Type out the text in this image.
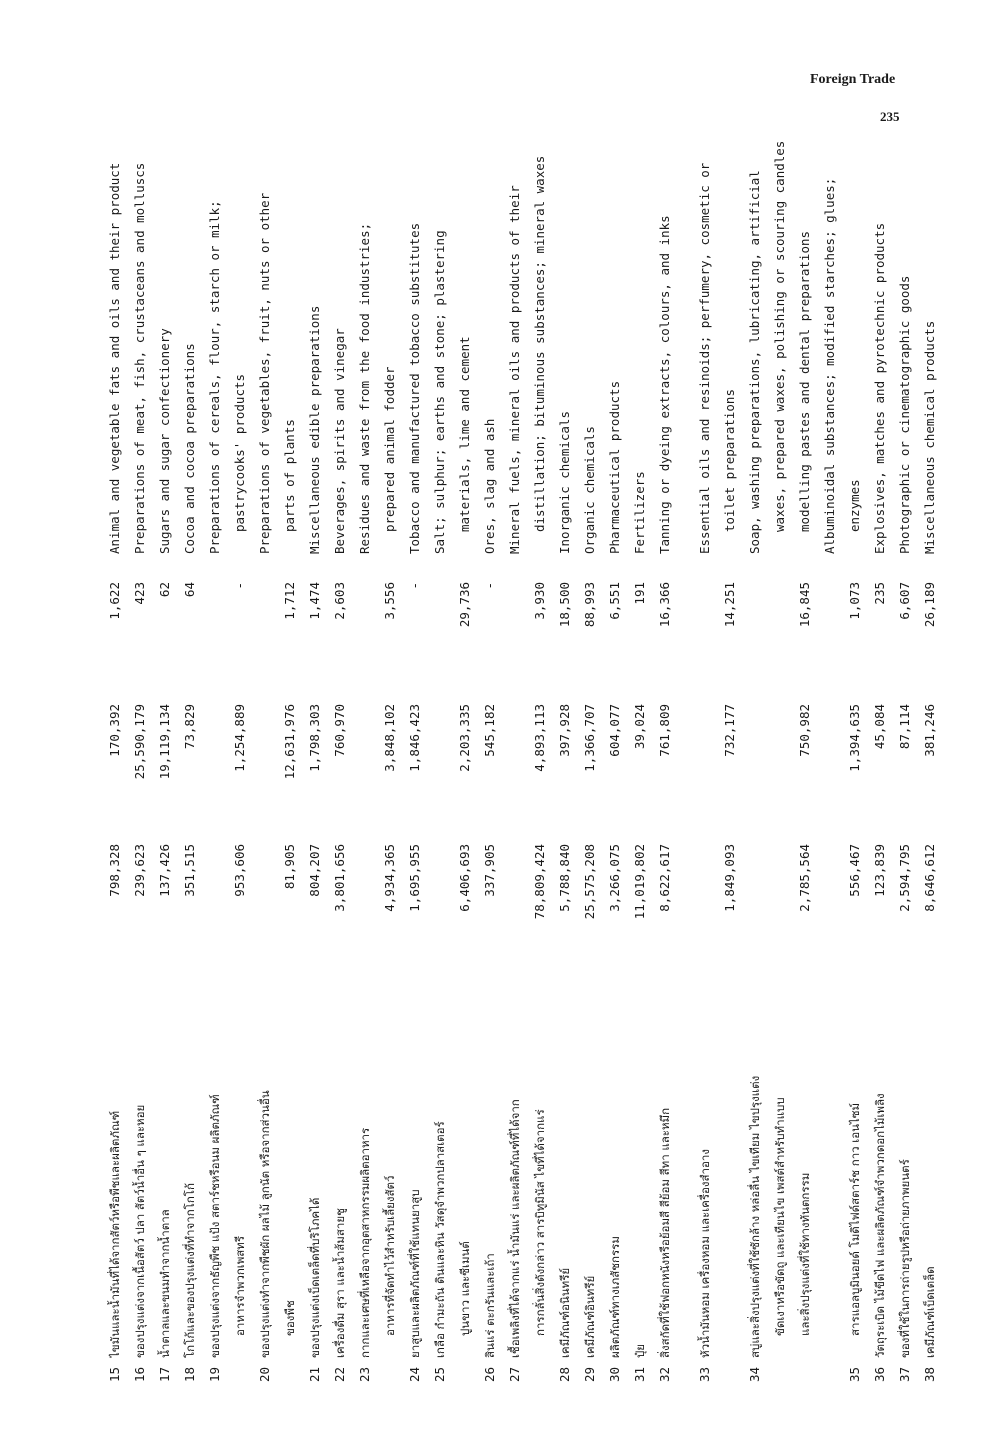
Foreign Trade
235
15
ไขมันและน้ำมันที่ได้จากสัตว์หรือพืชและผลิตภัณฑ์
798,328
170,392
1,622
Animal and vegetable fats and oils and their product
16
ของปรุงแต่งจากเนื้อสัตว์ ปลา สัตว์น้ำอื่น ๆ และหอย
239,623
25,590,179
423
Preparations of meat, fish, crustaceans and molluscs
17
น้ำตาลและขนมทำจากน้ำตาล
137,426
19,119,134
62
Sugars and sugar confectionery
18
โกโก้และของปรุงแต่งที่ทำจากโกโก้
351,515
73,829
64
Cocoa and cocoa preparations
19
ของปรุงแต่งจากธัญพืช แป้ง สตาร์ชหรือนม ผลิตภัณฑ์
Preparations of cereals, flour, starch or milk;
อาหารจำพวกเพสทรี
953,606
1,254,889
-
pastrycooks' products
20
ของปรุงแต่งทำจากพืชผัก ผลไม้ ลูกนัต หรือจากส่วนอื่น
Preparations of vegetables, fruit, nuts or other
ของพืช
81,905
12,631,976
1,712
parts of plants
21
ของปรุงแต่งเบ็ดเตล็ดที่บริโภคได้
804,207
1,798,303
1,474
Miscellaneous edible preparations
22
เครื่องดื่ม สุรา และน้ำส้มสายชู
3,801,656
760,970
2,603
Beverages, spirits and vinegar
23
กากและเศษที่เหลือจากอุตสาหกรรมผลิตอาหาร
Residues and waste from the food industries;
อาหารที่จัดทำไว้สำหรับเลี้ยงสัตว์
4,934,365
3,848,102
3,556
prepared animal fodder
24
ยาสูบและผลิตภัณฑ์ที่ใช้แทนยาสูบ
1,695,955
1,846,423
-
Tobacco and manufactured tobacco substitutes
25
เกลือ กำมะถัน ดินและหิน วัสดุจำพวกปลาสเตอร์
Salt; sulphur; earths and stone; plastering
ปูนขาว และซีเมนต์
6,406,693
2,203,335
29,736
materials, lime and cement
26
สินแร่ ตะกรันและเถ้า
337,905
545,182
-
Ores, slag and ash
27
เชื้อเพลิงที่ได้จากแร่ น้ำมันแร่ และผลิตภัณฑ์ที่ได้จาก
Mineral fuels, mineral oils and products of their
การกลั่นสิ่งดังกล่าว สารบิทูมินัส ไขที่ได้จากแร่
78,809,424
4,893,113
3,930
distillation; bituminous substances; mineral waxes
28
เคมีภัณฑ์อนินทรีย์
5,788,840
397,928
18,500
Inorganic chemicals
29
เคมีภัณฑ์อินทรีย์
25,575,208
1,366,707
88,993
Organic chemicals
30
ผลิตภัณฑ์ทางเภสัชกรรม
3,266,075
604,077
6,551
Pharmaceutical products
31
ปุ๋ย
11,019,802
39,024
191
Fertilizers
32
สิ่งสกัดที่ใช้ฟอกหนังหรือย้อมสี สีย้อม สีทา และหมึก
8,622,617
761,809
16,366
Tanning or dyeing extracts, colours, and inks
33
หัวน้ำมันหอม เครื่องหอม และเครื่องสำอาง
Essential oils and resinoids; perfumery, cosmetic or
1,849,093
732,177
14,251
toilet preparations
34
สบู่และสิ่งปรุงแต่งที่ใช้ซักล้าง หล่อลื่น ไขเทียม ไขปรุงแต่ง
Soap, washing preparations, lubricating, artificial
ขัดเงาหรือขัดถู และเทียนไข เพสต์สำหรับทำแบบ
waxes, prepared waxes, polishing or scouring candles
และสิ่งปรุงแต่งที่ใช้ทางทันตกรรม
2,785,564
750,982
16,845
modelling pastes and dental preparations Albuminoidal substances; modified starches; glues;
35
สารแอลบูมินอยด์ โมดิไฟด์สตาร์ช กาว เอนไซม์
556,467
1,394,635
1,073
enzymes
36
วัตถุระเบิด ไม้ขีดไฟ และผลิตภัณฑ์จำพวกดอกไม้เพลิง
123,839
45,084
235
Explosives, matches and pyrotechnic products
37
ของที่ใช้ในการถ่ายรูปหรือถ่ายภาพยนตร์
2,594,795
87,114
6,607
Photographic or cinematographic goods
38
เคมีภัณฑ์เบ็ดเตล็ด
8,646,612
381,246
26,189
Miscellaneous chemical products
